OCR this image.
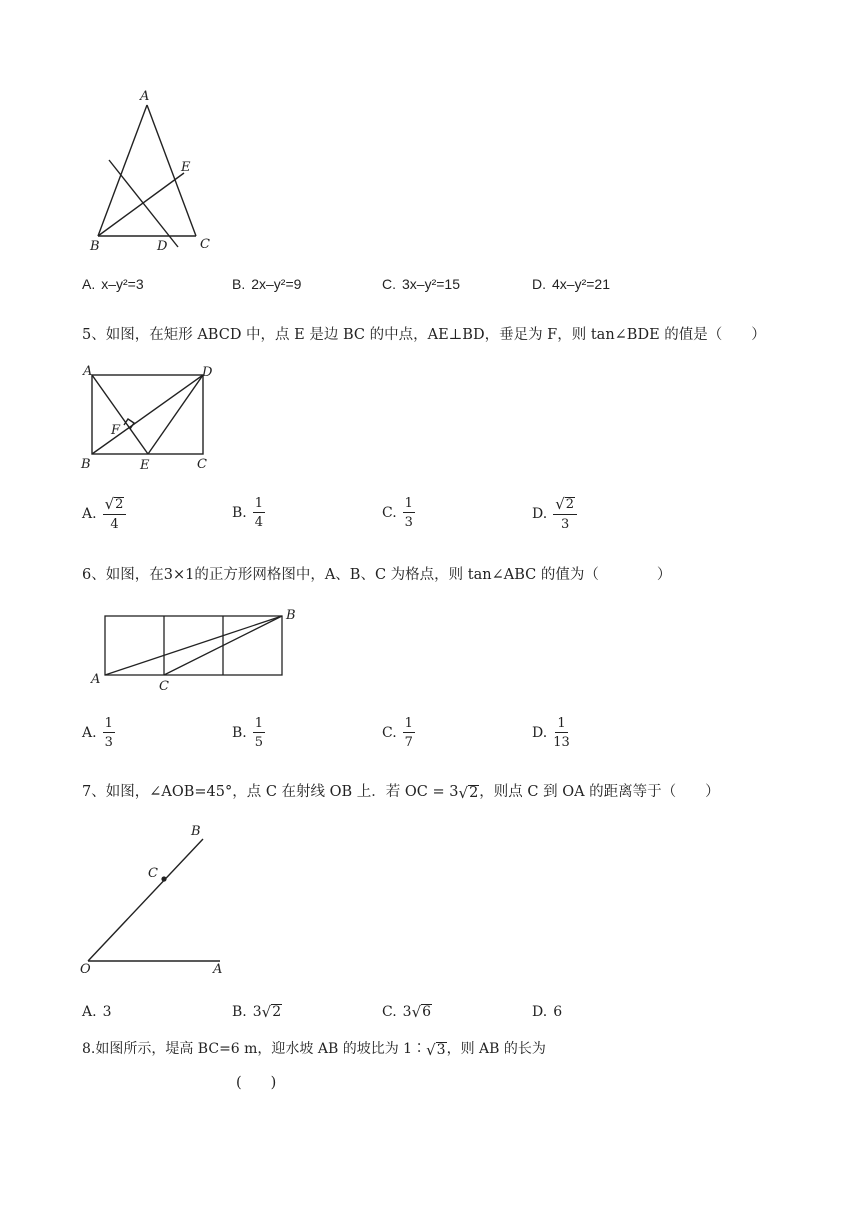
A
E
B	D	C
A. x–y²=3	B. 2x–y²=9	C. 3x–y²=15	D. 4x–y²=21
5、如图，在矩形 ABCD 中，点 E 是边 BC 的中点，AE⊥BD，垂足为 F，则 tan∠BDE 的值是（　　）
A	D
F
B	E	C
A. $\frac{√ 2}{4}$	B. $\frac{1}{4}$	C. $\frac{1}{3}$	D. $\frac{√ 2}{3}$
6、如图，在3×1的正方形网格图中，A、B、C 为格点，则 tan∠ABC 的值为（　　　　）
B
A	C
A. $\frac{1}{3}$	B. $\frac{1}{5}$	C. $\frac{1}{7}$	D. $\frac{1}{13}$
7、如图，∠AOB=45°，点 C 在射线 OB 上．若 OC = 3 √ 2 ，则点 C 到 OA 的距离等于（　　）
B
C
O	A
A. 3	B. 3 √ 2	C. 3 √ 6	D. 6
8.如图所示，堤高 BC=6 m，迎水坡 AB 的坡比为 1∶ √ 3 ，则 AB 的长为
(　　)
